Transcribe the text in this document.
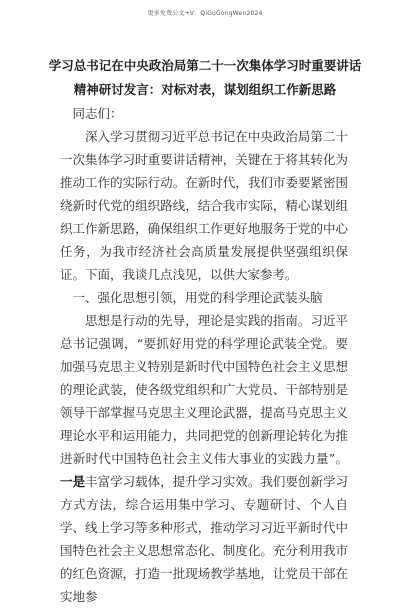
更多免费公文+V：QiGuGongWen2024
学习总书记在中央政治局第二十一次集体学习时重要讲话
精神研讨发言：对标对表，谋划组织工作新思路

同志们：

深入学习贯彻习近平总书记在中央政治局第二十一次集体学习时重要讲话精神，关键在于将其转化为推动工作的实际行动。在新时代，我们市委要紧密围绕新时代党的组织路线，结合我市实际，精心谋划组织工作新思路，确保组织工作更好地服务于党的中心任务，为我市经济社会高质量发展提供坚强组织保证。下面，我谈几点浅见，以供大家参考。

一、强化思想引领，用党的科学理论武装头脑

思想是行动的先导，理论是实践的指南。习近平总书记强调，“要抓好用党的科学理论武装全党。要加强马克思主义特别是新时代中国特色社会主义思想的理论武装，使各级党组织和广大党员、干部特别是领导干部掌握马克思主义理论武器，提高马克思主义理论水平和运用能力，共同把党的创新理论转化为推进新时代中国特色社会主义伟大事业的实践力量”。一是丰富学习载体，提升学习实效。我们要创新学习方式方法，综合运用集中学习、专题研讨、个人自学、线上学习等多种形式，推动学习习近平新时代中国特色社会主义思想常态化、制度化。充分利用我市的红色资源，打造一批现场教学基地，让党员干部在实地参
